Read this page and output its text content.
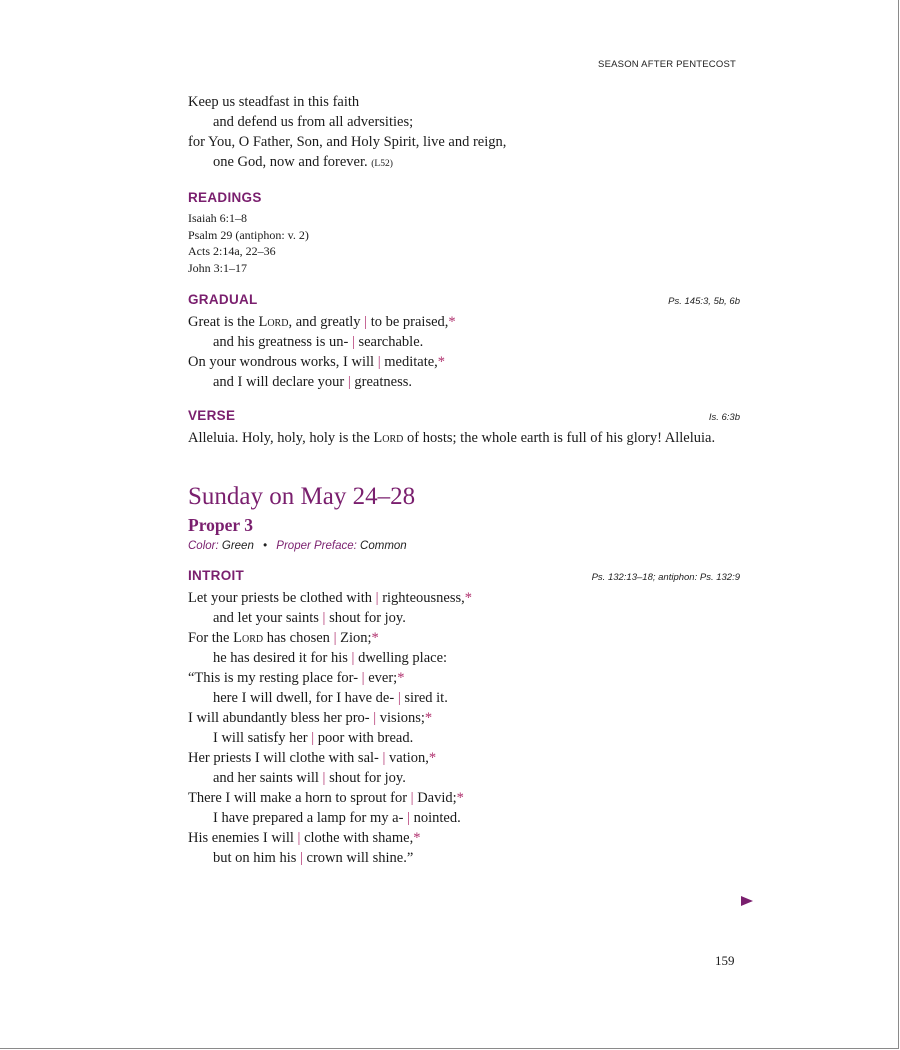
SEASON AFTER PENTECOST
Keep us steadfast in this faith
and defend us from all adversities;
for You, O Father, Son, and Holy Spirit, live and reign,
one God, now and forever. (L52)
READINGS
Isaiah 6:1–8
Psalm 29 (antiphon: v. 2)
Acts 2:14a, 22–36
John 3:1–17
GRADUAL	Ps. 145:3, 5b, 6b
Great is the Lord, and greatly | to be praised,*
and his greatness is un- | searchable.
On your wondrous works, I will | meditate,*
and I will declare your | greatness.
VERSE	Is. 6:3b
Alleluia. Holy, holy, holy is the Lord of hosts; the whole earth is full of his glory! Alleluia.
Sunday on May 24–28
Proper 3
Color: Green • Proper Preface: Common
INTROIT	Ps. 132:13–18; antiphon: Ps. 132:9
Let your priests be clothed with | righteousness,*
and let your saints | shout for joy.
For the Lord has chosen | Zion;*
he has desired it for his | dwelling place:
“This is my resting place for- | ever;*
here I will dwell, for I have de- | sired it.
I will abundantly bless her pro- | visions;*
I will satisfy her | poor with bread.
Her priests I will clothe with sal- | vation,*
and her saints will | shout for joy.
There I will make a horn to sprout for | David;*
I have prepared a lamp for my a- | nointed.
His enemies I will | clothe with shame,*
but on him his | crown will shine.”
159
